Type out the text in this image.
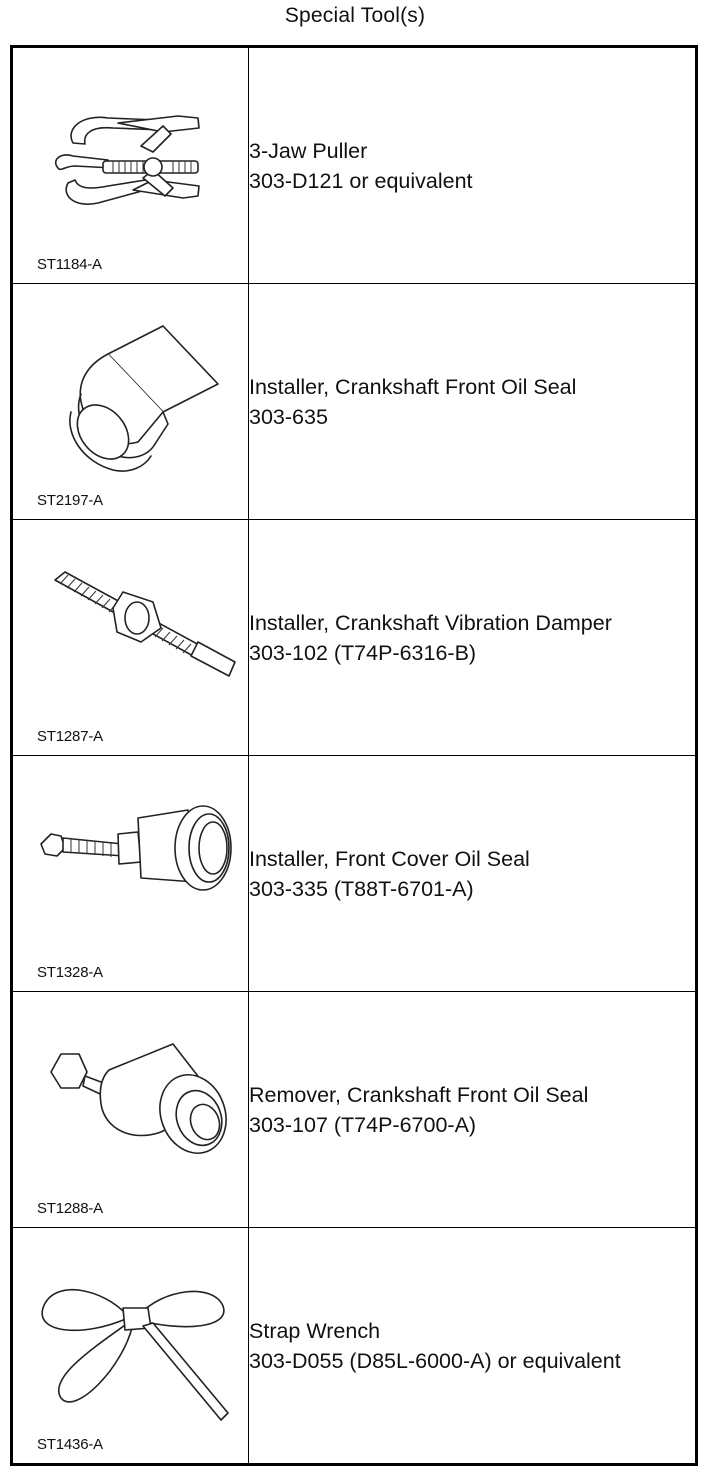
Special Tool(s)
ST1184-A	3-Jaw Puller
303-D121 or equivalent

ST2197-A	Installer, Crankshaft Front Oil Seal
303-635

ST1287-A	Installer, Crankshaft Vibration Damper
303-102 (T74P-6316-B)

ST1328-A	Installer, Front Cover Oil Seal
303-335 (T88T-6701-A)

ST1288-A	Remover, Crankshaft Front Oil Seal
303-107 (T74P-6700-A)

ST1436-A	Strap Wrench
303-D055 (D85L-6000-A) or equivalent
